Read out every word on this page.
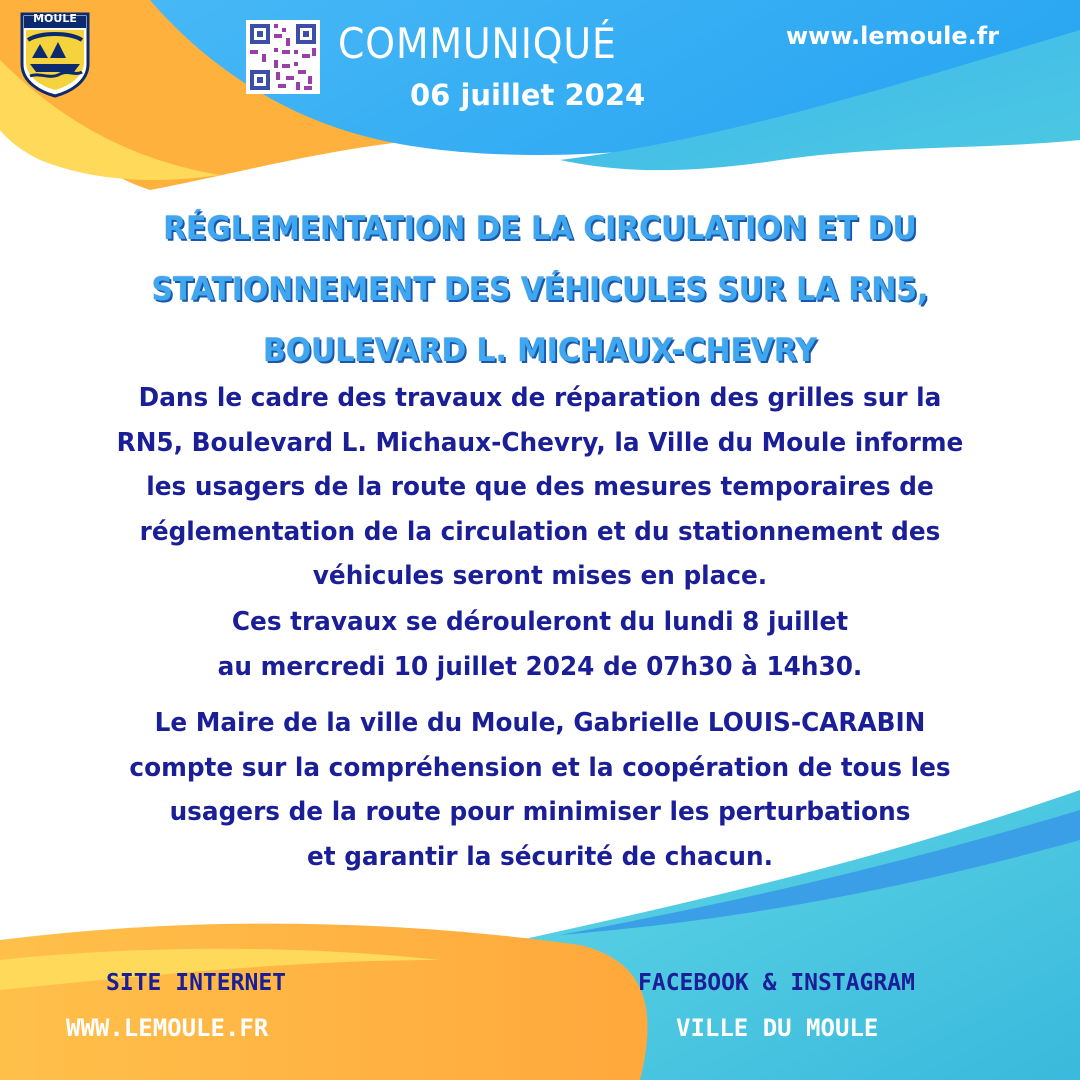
MOULE
COMMUNIQUÉ
06 juillet 2024
www.lemoule.fr
RÉGLEMENTATION DE LA CIRCULATION ET DU
STATIONNEMENT DES VÉHICULES SUR LA RN5,
BOULEVARD L. MICHAUX-CHEVRY
Dans le cadre des travaux de réparation des grilles sur la
RN5, Boulevard L. Michaux-Chevry, la Ville du Moule informe
les usagers de la route que des mesures temporaires de
réglementation de la circulation et du stationnement des
véhicules seront mises en place.
Ces travaux se dérouleront du lundi 8 juillet
au mercredi 10 juillet 2024 de 07h30 à 14h30.
Le Maire de la ville du Moule, Gabrielle LOUIS-CARABIN
compte sur la compréhension et la coopération de tous les
usagers de la route pour minimiser les perturbations
et garantir la sécurité de chacun.
SITE INTERNET
WWW.LEMOULE.FR
FACEBOOK & INSTAGRAM
VILLE DU MOULE
